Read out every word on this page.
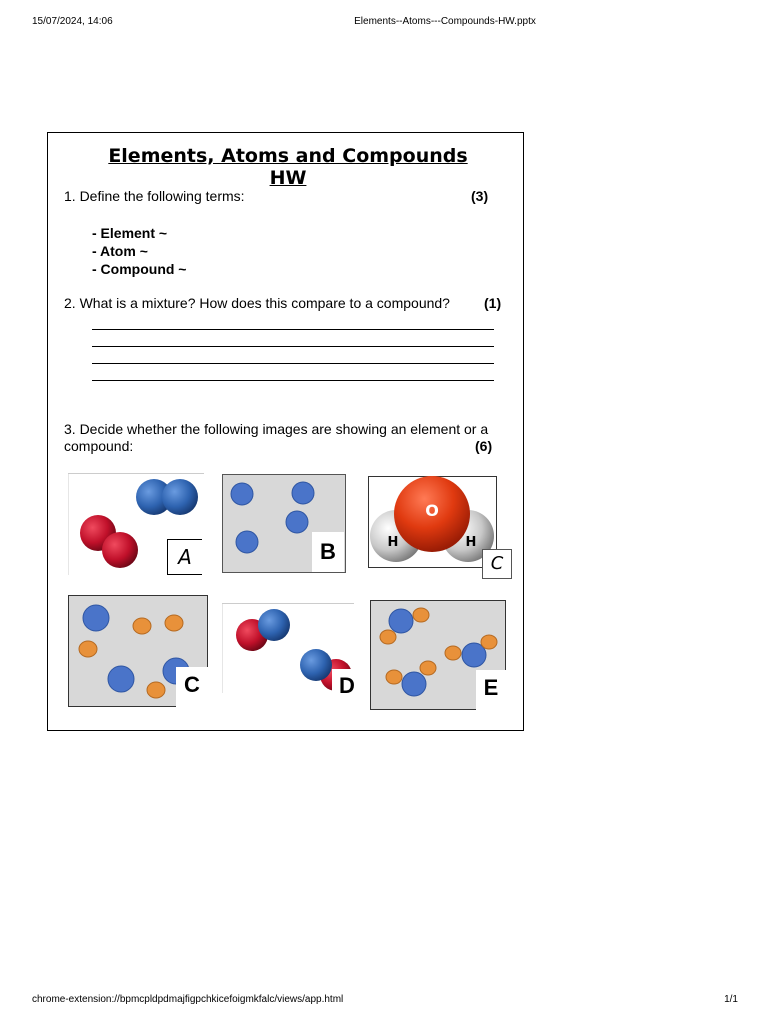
15/07/2024, 14:06	Elements--Atoms---Compounds-HW.pptx
Elements, Atoms and Compounds
HW
1. Define the following terms:	(3)
- Element ~
- Atom ~
- Compound ~
2. What is a mixture? How does this compare to a compound?	(1)
3. Decide whether the following images are showing an element or a compound:	(6)
A	B
O
H	H
C
C	D	E
chrome-extension://bpmcpldpdmajfigpchkicefoigmkfalc/views/app.html	1/1
